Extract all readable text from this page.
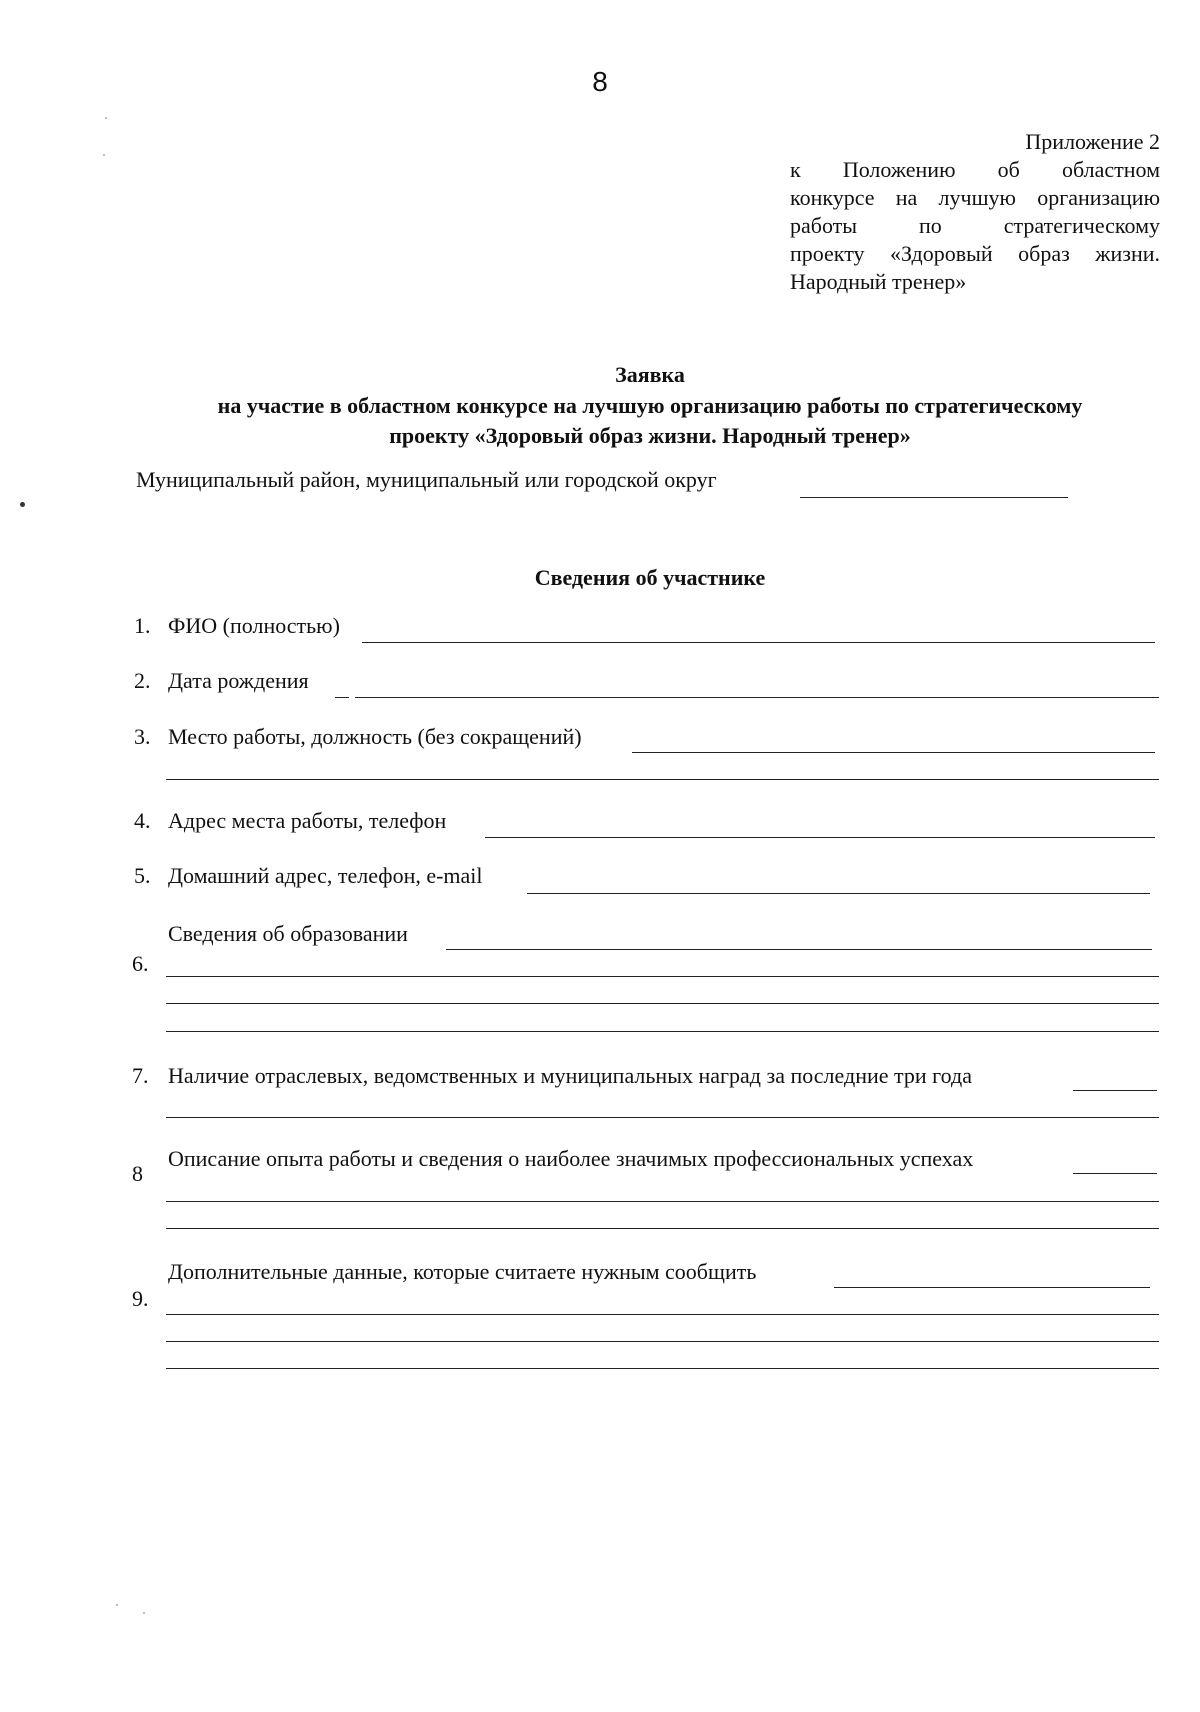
8
Приложение 2
к Положению об областном
конкурсе на лучшую организацию
работы по стратегическому
проекту «Здоровый образ жизни.
Народный тренер»
Заявка
на участие в областном конкурсе на лучшую организацию работы по стратегическому
проекту «Здоровый образ жизни. Народный тренер»
Муниципальный район, муниципальный или городской округ
Сведения об участнике
1. ФИО (полностью)
2. Дата рождения
3. Место работы, должность (без сокращений)
4. Адрес места работы, телефон
5. Домашний адрес, телефон, e-mail
6.
Сведения об образовании
7. Наличие отраслевых, ведомственных и муниципальных наград за последние три года
8
Описание опыта работы и сведения о наиболее значимых профессиональных успехах
9.
Дополнительные данные, которые считаете нужным сообщить
